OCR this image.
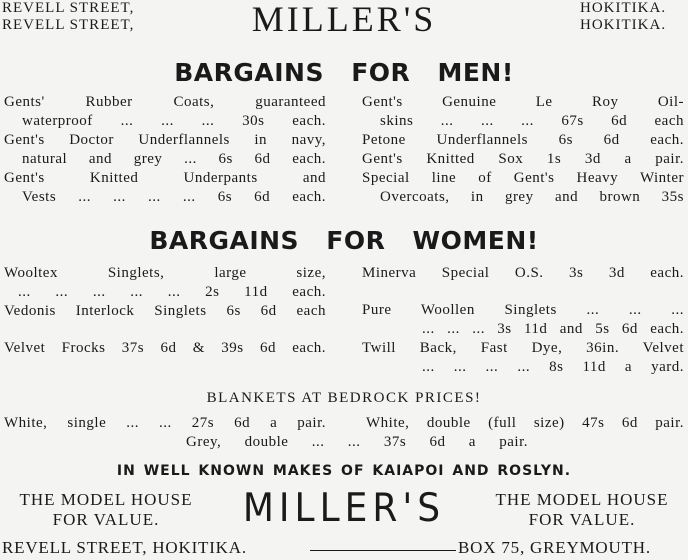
REVELL STREET,
REVELL STREET,
HOKITIKA.
HOKITIKA.
MILLER'S
BARGAINS FOR MEN!
Gents' Rubber Coats, guaranteed
waterproof ... ... ... 30s each.
Gent's Doctor Underflannels in navy,
natural and grey ... 6s 6d each.
Gent's Knitted Underpants and
Vests ... ... ... ... 6s 6d each.
Gent's Genuine Le Roy Oil-
skins ... ... ... 67s 6d each
Petone Underflannels 6s 6d each.
Gent's Knitted Sox 1s 3d a pair.
Special line of Gent's Heavy Winter
Overcoats, in grey and brown 35s
BARGAINS FOR WOMEN!
Wooltex Singlets, large size,
... ... ... ... ... 2s 11d each.
Vedonis Interlock Singlets 6s 6d each
Velvet Frocks 37s 6d & 39s 6d each.
Minerva Special O.S. 3s 3d each.
Pure Woollen Singlets ... ... ...
... ... ... 3s 11d and 5s 6d each.
Twill Back, Fast Dye, 36in. Velvet
... ... ... ... 8s 11d a yard.
BLANKETS AT BEDROCK PRICES!
White, single ... ... 27s 6d a pair.	White, double (full size) 47s 6d pair.
Grey, double ... ... 37s 6d a pair.
IN WELL KNOWN MAKES OF KAIAPOI AND ROSLYN.
THE MODEL HOUSE
FOR VALUE.	MILLER'S	THE MODEL HOUSE
FOR VALUE.
REVELL STREET, HOKITIKA.	BOX 75, GREYMOUTH.
